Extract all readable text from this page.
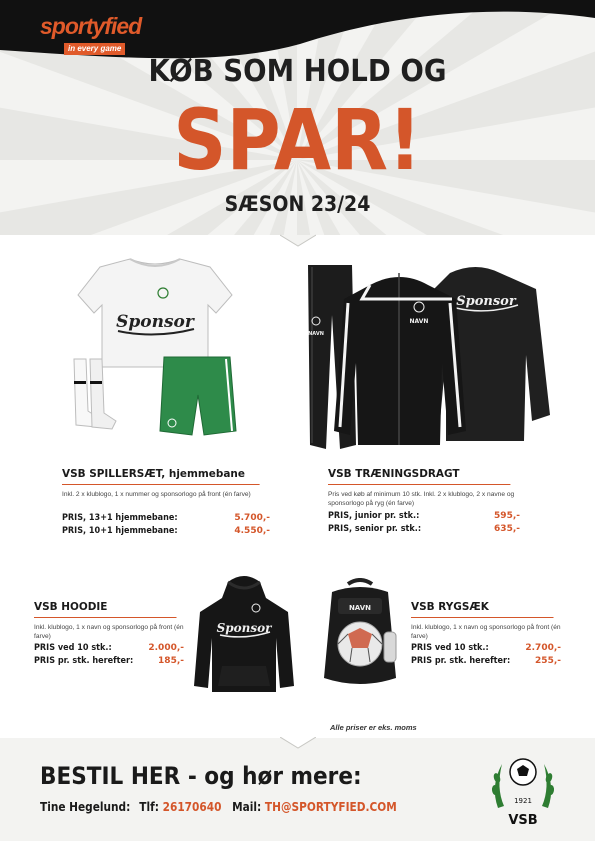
sportyfied
in every game
KØB SOM HOLD OG
SPAR!
SÆSON 23/24
Sponsor
Sponsor
NAVN
NAVN
Sponsor
NAVN
VSB SPILLERSÆT, hjemmebane
Inkl. 2 x klublogo, 1 x nummer og sponsorlogo på front (én farve)
PRIS, 13+1 hjemmebane:	5.700,-
PRIS, 10+1 hjemmebane:	4.550,-
VSB TRÆNINGSDRAGT
Pris ved køb af minimum 10 stk. Inkl. 2 x klublogo, 2 x navne og sponsorlogo på ryg (én farve)
PRIS, junior pr. stk.:	595,-
PRIS, senior pr. stk.:	635,-
VSB HOODIE
Inkl. klublogo, 1 x navn og sponsorlogo på front (én farve)
PRIS ved 10 stk.:	2.000,-
PRIS pr. stk. herefter:	185,-
VSB RYGSÆK
Inkl. klublogo, 1 x navn og sponsorlogo på front (én farve)
PRIS ved 10 stk.:	2.700,-
PRIS pr. stk. herefter:	255,-
Alle priser er eks. moms
BESTIL HER - og hør mere:
Tine Hegelund: Tlf: 26170640 Mail: TH@SPORTYFIED.COM	1921
VSB
